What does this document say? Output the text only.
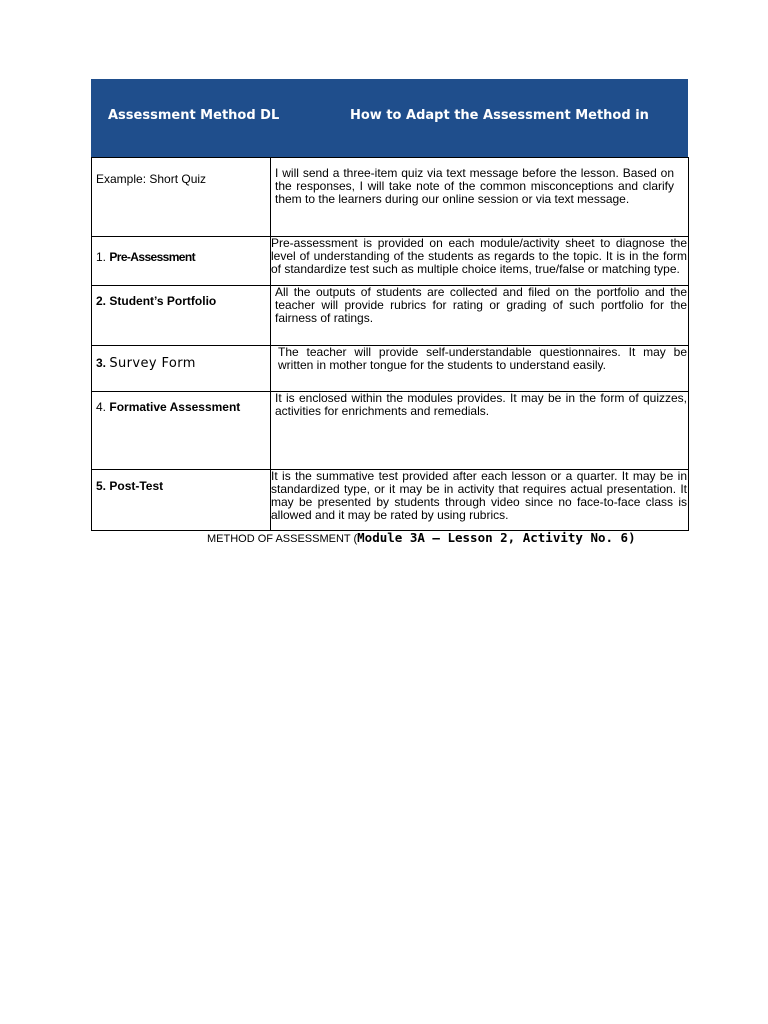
Assessment Method DL	How to Adapt the Assessment Method in
Example: Short Quiz	I will send a three-item quiz via text message before the lesson. Based on the responses, I will take note of the common misconceptions and clarify them to the learners during our online session or via text message.
1. Pre-Assessment	Pre-assessment is provided on each module/activity sheet to diagnose the level of understanding of the students as regards to the topic. It is in the form of standardize test such as multiple choice items, true/false or matching type.
2. Student’s Portfolio	All the outputs of students are collected and filed on the portfolio and the teacher will provide rubrics for rating or grading of such portfolio for the fairness of ratings.
3. Survey Form	The teacher will provide self-understandable questionnaires. It may be written in mother tongue for the students to understand easily.
4. Formative Assessment	It is enclosed within the modules provides. It may be in the form of quizzes, activities for enrichments and remedials.
5. Post-Test	It is the summative test provided after each lesson or a quarter. It may be in standardized type, or it may be in activity that requires actual presentation. It may be presented by students through video since no face-to-face class is allowed and it may be rated by using rubrics.
METHOD OF ASSESSMENT (Module 3A – Lesson 2, Activity No. 6)
